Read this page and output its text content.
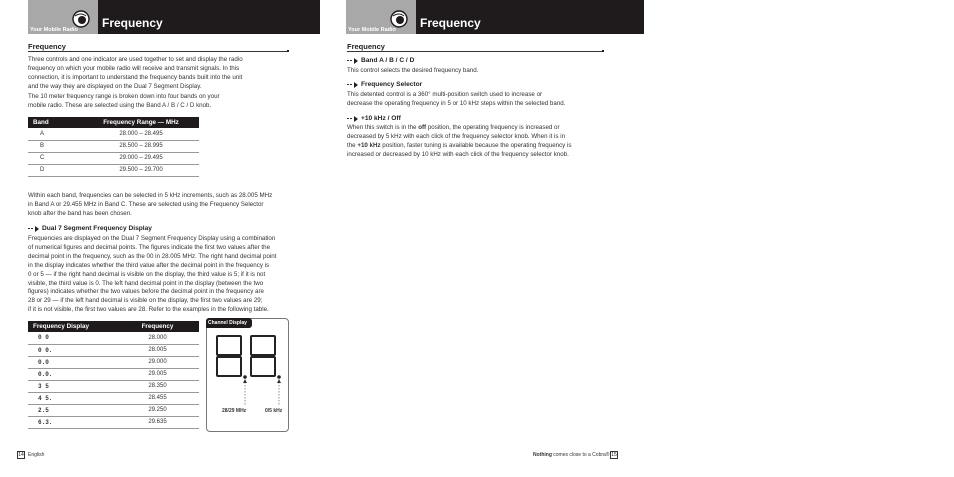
Your Mobile Radio Frequency
Frequency
Three controls and one indicator are used together to set and display the radio
frequency on which your mobile radio will receive and transmit signals. In this
connection, it is important to understand the frequency bands built into the unit
and the way they are displayed on the Dual 7 Segment Display.
The 10 meter frequency range is broken down into four bands on your
mobile radio. These are selected using the Band A / B / C / D knob.
Band	Frequency Range — MHz
A	28.000 – 28.495
B	28.500 – 28.995
C	29.000 – 29.495
D	29.500 – 29.700
Within each band, frequencies can be selected in 5 kHz increments, such as 28.005 MHz
in Band A or 29.455 MHz in Band C. These are selected using the Frequency Selector
knob after the band has been chosen.
Dual 7 Segment Frequency Display
Frequencies are displayed on the Dual 7 Segment Frequency Display using a combination
of numerical figures and decimal points. The figures indicate the first two values after the
decimal point in the frequency, such as the 00 in 28.005 MHz. The right hand decimal point
in the display indicates whether the third value after the decimal point in the frequency is
0 or 5 — if the right hand decimal is visible on the display, the third value is 5; if it is not
visible, the third value is 0. The left hand decimal point in the display (between the two
figures) indicates whether the two values before the decimal point in the frequency are
28 or 29 — if the left hand decimal is visible on the display, the first two values are 29;
if it is not visible, the first two values are 28. Refer to the examples in the following table.
Frequency Display	Frequency
0 0	28.000
0 0.	28.005
0.0	29.000
0.0.	29.005
3 5	28.350
4 5.	28.455
2.5	29.250
6.3.	29.635
Channel Display
28/29 MHz	0/5 kHz
14 English
Your Mobile Radio Frequency
Frequency
Band A / B / C / D
This control selects the desired frequency band.
Frequency Selector
This detented control is a 360° multi-position switch used to increase or
decrease the operating frequency in 5 or 10 kHz steps within the selected band.
+10 kHz / Off
When this switch is in the off position, the operating frequency is increased or
decreased by 5 kHz with each click of the frequency selector knob. When it is in
the +10 kHz position, faster tuning is available because the operating frequency is
increased or decreased by 10 kHz with each click of the frequency selector knob.
Nothing comes close to a Cobra® 15
